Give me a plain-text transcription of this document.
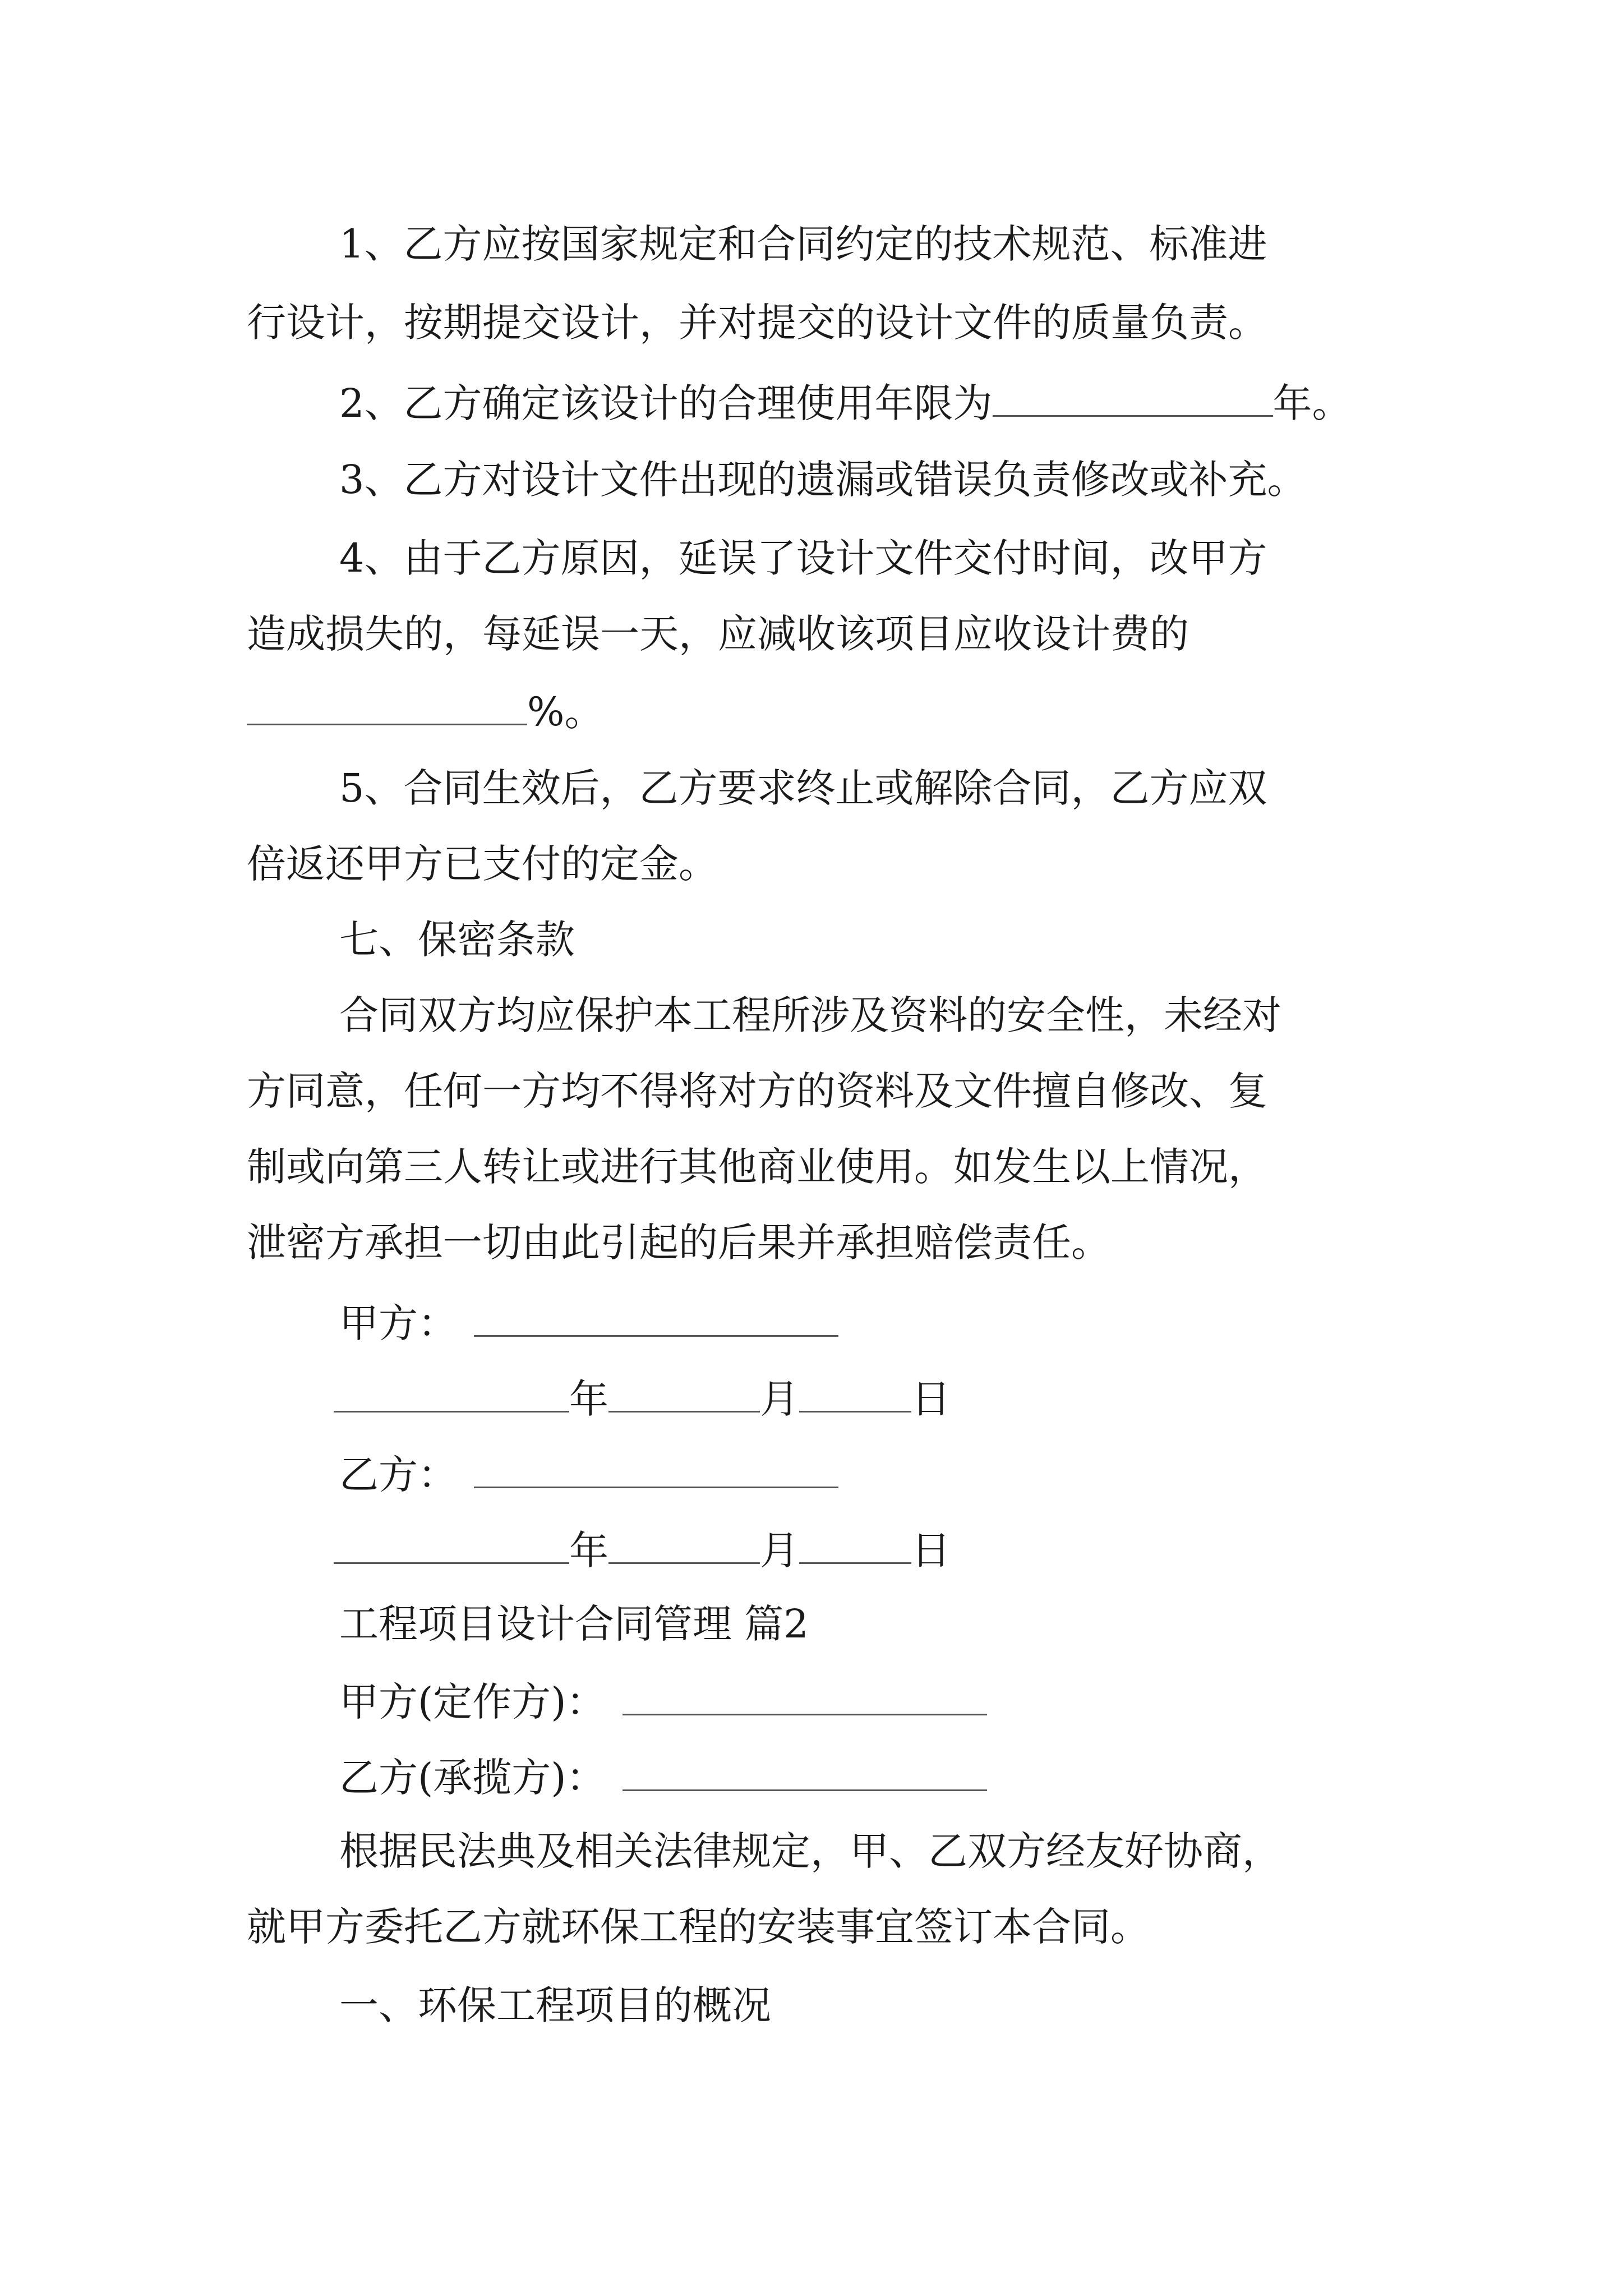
1、乙方应按国家规定和合同约定的技术规范、标准进
行设计，按期提交设计，并对提交的设计文件的质量负责。
2、乙方确定该设计的合理使用年限为	年。
3、乙方对设计文件出现的遗漏或错误负责修改或补充。
4、由于乙方原因，延误了设计文件交付时间，改甲方
造成损失的，每延误一天，应减收该项目应收设计费的
%。
5、合同生效后，乙方要求终止或解除合同，乙方应双
倍返还甲方已支付的定金。
七、保密条款
合同双方均应保护本工程所涉及资料的安全性，未经对
方同意，任何一方均不得将对方的资料及文件擅自修改、复
制或向第三人转让或进行其他商业使用。如发生以上情况，
泄密方承担一切由此引起的后果并承担赔偿责任。
甲方：
年	月	日
乙方：
年	月	日
工程项目设计合同管理 篇2
甲方(定作方)：
乙方(承揽方)：
根据民法典及相关法律规定，甲、乙双方经友好协商，
就甲方委托乙方就环保工程的安装事宜签订本合同。
一、环保工程项目的概况
